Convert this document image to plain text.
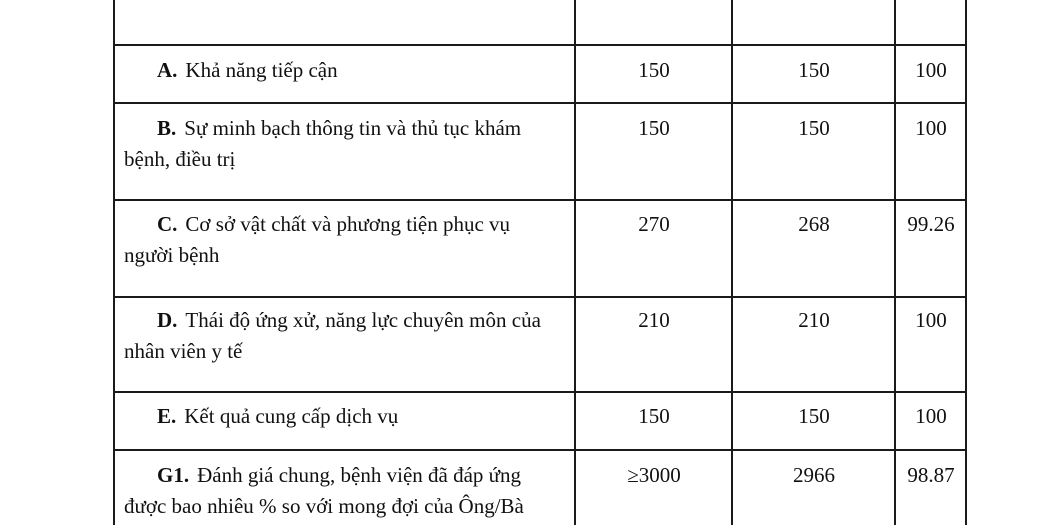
A. Khả năng tiếp cận	150	150	100
B. Sự minh bạch thông tin và thủ tục khám
bệnh, điều trị
150	150	100
C. Cơ sở vật chất và phương tiện phục vụ
người bệnh
270	268	99.26
D. Thái độ ứng xử, năng lực chuyên môn của
nhân viên y tế
210	210	100
E. Kết quả cung cấp dịch vụ	150	150	100
G1. Đánh giá chung, bệnh viện đã đáp ứng
được bao nhiêu % so với mong đợi của Ông/Bà
≥3000	2966	98.87
